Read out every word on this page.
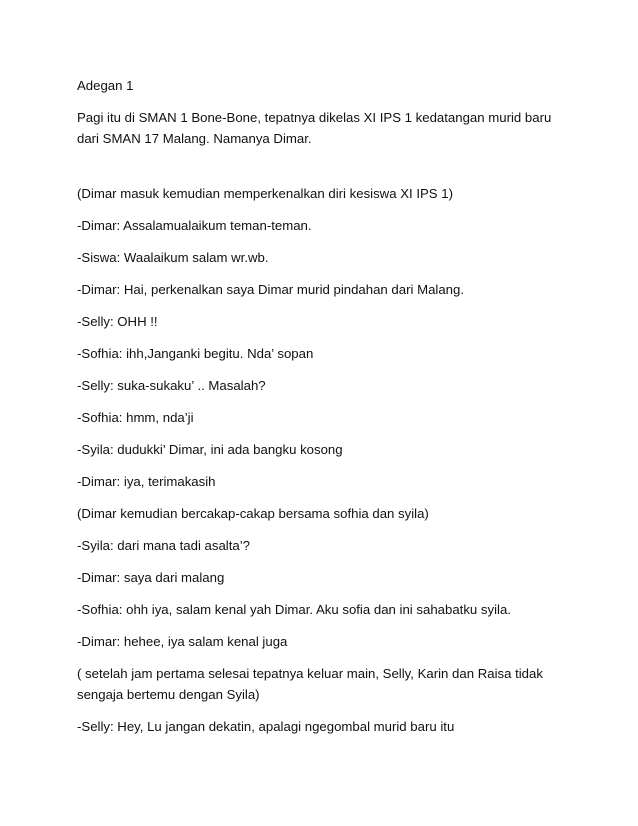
Adegan 1

Pagi itu di SMAN 1 Bone-Bone, tepatnya dikelas XI IPS 1 kedatangan murid baru dari SMAN 17 Malang. Namanya Dimar.

(Dimar masuk kemudian memperkenalkan diri kesiswa XI IPS 1)

-Dimar: Assalamualaikum teman-teman.

-Siswa: Waalaikum salam wr.wb.

-Dimar: Hai, perkenalkan saya Dimar murid pindahan dari Malang.

-Selly: OHH !!

-Sofhia: ihh,Janganki begitu. Nda’ sopan

-Selly: suka-sukaku’ .. Masalah?

-Sofhia: hmm, nda’ji

-Syila: dudukki’ Dimar, ini ada bangku kosong

-Dimar: iya, terimakasih

(Dimar kemudian bercakap-cakap bersama sofhia dan syila)

-Syila: dari mana tadi asalta’?

-Dimar: saya dari malang

-Sofhia: ohh iya, salam kenal yah Dimar. Aku sofia dan ini sahabatku syila.

-Dimar: hehee, iya salam kenal juga

( setelah jam pertama selesai tepatnya keluar main, Selly, Karin dan Raisa tidak sengaja bertemu dengan Syila)

-Selly: Hey, Lu jangan dekatin, apalagi ngegombal murid baru itu
